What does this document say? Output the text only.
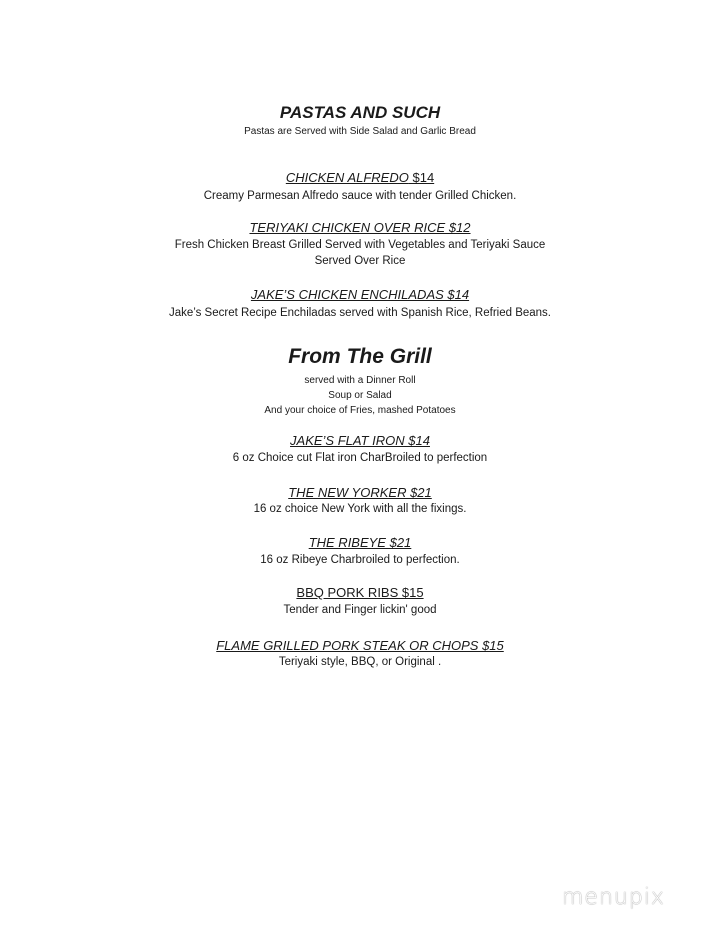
PASTAS AND SUCH
Pastas are Served with Side Salad and Garlic Bread
CHICKEN ALFREDO $14
Creamy Parmesan Alfredo sauce with tender Grilled Chicken.
TERIYAKI CHICKEN OVER RICE $12
Fresh Chicken Breast Grilled Served with Vegetables and Teriyaki Sauce
Served Over Rice
JAKE’S CHICKEN ENCHILADAS $14
Jake’s Secret Recipe Enchiladas served with Spanish Rice, Refried Beans.
From The Grill
served with a Dinner Roll
Soup or Salad
And your choice of Fries, mashed Potatoes
JAKE’S FLAT IRON $14
6 oz Choice cut Flat iron CharBroiled to perfection
THE NEW YORKER $21
16 oz choice New York with all the fixings.
THE RIBEYE $21
16 oz Ribeye Charbroiled to perfection.
BBQ PORK RIBS $15
Tender and Finger lickin' good
FLAME GRILLED PORK STEAK OR CHOPS $15
Teriyaki style, BBQ, or Original .
menupix
